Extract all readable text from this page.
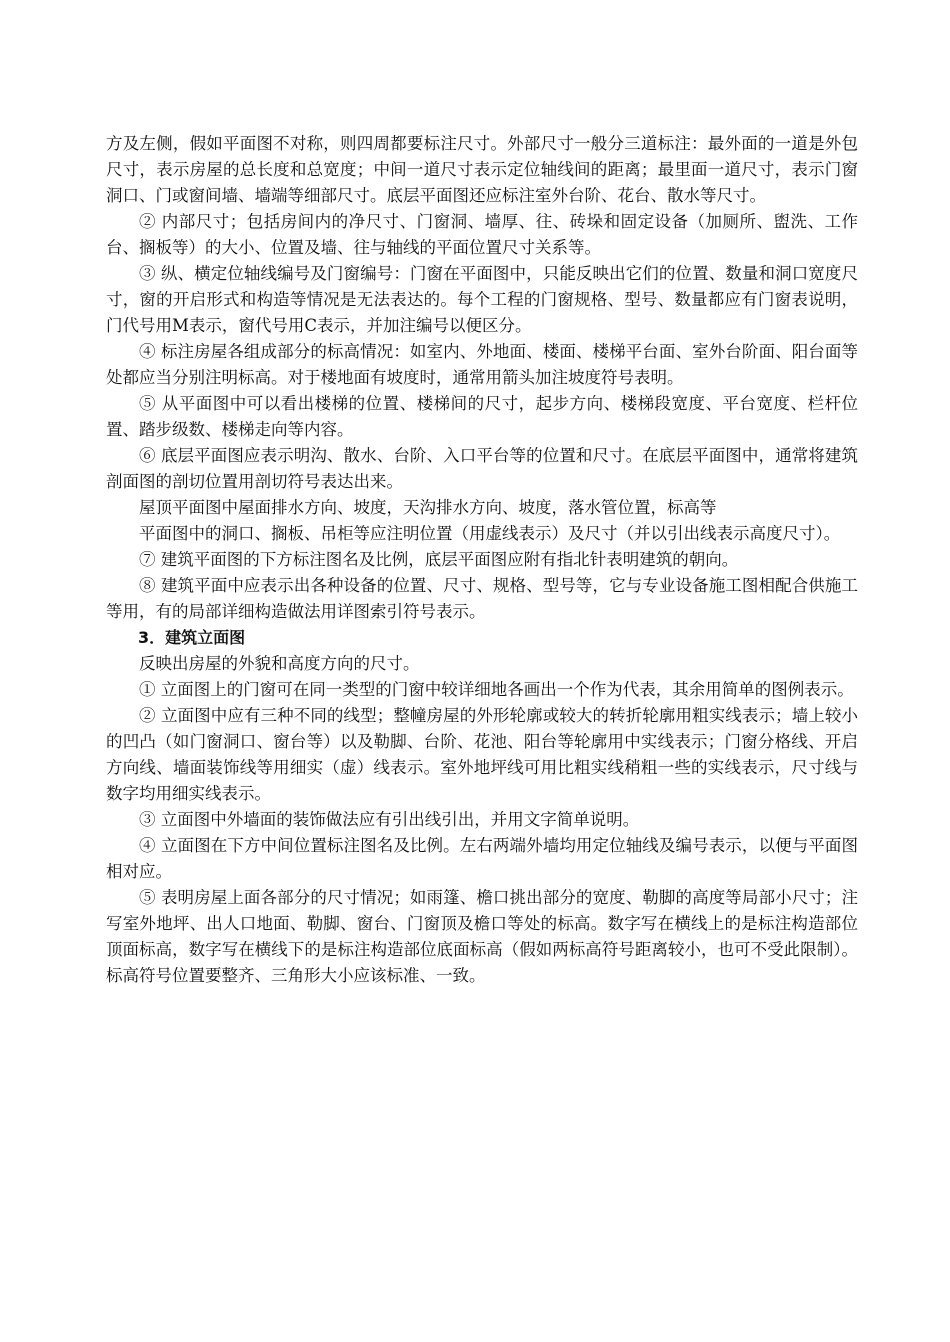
方及左侧，假如平面图不对称，则四周都要标注尺寸。外部尺寸一般分三道标注：最外面的一道是外包尺寸，表示房屋的总长度和总宽度；中间一道尺寸表示定位轴线间的距离；最里面一道尺寸，表示门窗洞口、门或窗间墙、墙端等细部尺寸。底层平面图还应标注室外台阶、花台、散水等尺寸。

② 内部尺寸；包括房间内的净尺寸、门窗洞、墙厚、往、砖垛和固定设备（加厕所、盥洗、工作台、搁板等）的大小、位置及墙、往与轴线的平面位置尺寸关系等。

③ 纵、横定位轴线编号及门窗编号：门窗在平面图中，只能反映出它们的位置、数量和洞口宽度尺寸，窗的开启形式和构造等情况是无法表达的。每个工程的门窗规格、型号、数量都应有门窗表说明，门代号用M表示，窗代号用C表示，并加注编号以便区分。

④ 标注房屋各组成部分的标高情况：如室内、外地面、楼面、楼梯平台面、室外台阶面、阳台面等处都应当分别注明标高。对于楼地面有坡度时，通常用箭头加注坡度符号表明。

⑤ 从平面图中可以看出楼梯的位置、楼梯间的尺寸，起步方向、楼梯段宽度、平台宽度、栏杆位置、踏步级数、楼梯走向等内容。

⑥ 底层平面图应表示明沟、散水、台阶、入口平台等的位置和尺寸。在底层平面图中，通常将建筑剖面图的剖切位置用剖切符号表达出来。

屋顶平面图中屋面排水方向、坡度，天沟排水方向、坡度，落水管位置，标高等

平面图中的洞口、搁板、吊柜等应注明位置（用虚线表示）及尺寸（并以引出线表示高度尺寸）。

⑦ 建筑平面图的下方标注图名及比例，底层平面图应附有指北针表明建筑的朝向。

⑧ 建筑平面中应表示出各种设备的位置、尺寸、规格、型号等，它与专业设备施工图相配合供施工等用，有的局部详细构造做法用详图索引符号表示。

3．建筑立面图

反映出房屋的外貌和高度方向的尺寸。

① 立面图上的门窗可在同一类型的门窗中较详细地各画出一个作为代表，其余用简单的图例表示。

② 立面图中应有三种不同的线型；整幢房屋的外形轮廓或较大的转折轮廓用粗实线表示；墙上较小的凹凸（如门窗洞口、窗台等）以及勒脚、台阶、花池、阳台等轮廓用中实线表示；门窗分格线、开启方向线、墙面装饰线等用细实（虚）线表示。室外地坪线可用比粗实线稍粗一些的实线表示，尺寸线与数字均用细实线表示。

③ 立面图中外墙面的装饰做法应有引出线引出，并用文字简单说明。

④ 立面图在下方中间位置标注图名及比例。左右两端外墙均用定位轴线及编号表示，以便与平面图相对应。

⑤ 表明房屋上面各部分的尺寸情况；如雨篷、檐口挑出部分的宽度、勒脚的高度等局部小尺寸；注写室外地坪、出人口地面、勒脚、窗台、门窗顶及檐口等处的标高。数字写在横线上的是标注构造部位顶面标高，数字写在横线下的是标注构造部位底面标高（假如两标高符号距离较小，也可不受此限制）。标高符号位置要整齐、三角形大小应该标准、一致。
